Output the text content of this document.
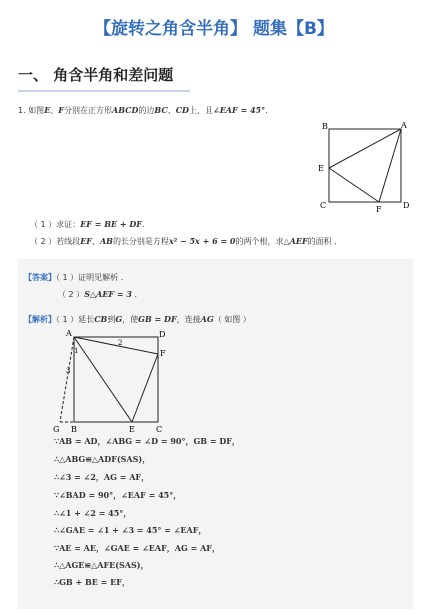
【旋转之角含半角】 题集【B】
一、 角含半角和差问题
1. 如图E、F分别在正方形ABCD的边BC、CD上，且∠EAF = 45°.
B	A
E
C	F	D
（ 1 ）求证：EF = BE + DF.
（ 2 ）若线段EF、AB的长分别是方程x² − 5x + 6 = 0的两个根，求△AEF的面积 .
【答案】（ 1 ）证明见解析 .
（ 2 ）S△AEF = 3 .
【解析】（ 1 ）延长CB到G，使GB = DF，连接AG（ 如图 ）
A	D
1
2
F
3
G B	E	C
∵AB = AD，∠ABG = ∠D = 90°，GB = DF，
∴△ABG≌△ADF(SAS)，
∴∠3 = ∠2，AG = AF，
∵∠BAD = 90°，∠EAF = 45°，
∴∠1 + ∠2 = 45°，
∴∠GAE = ∠1 + ∠3 = 45° = ∠EAF，
∵AE = AE，∠GAE = ∠EAF，AG = AF，
∴△AGE≌△AFE(SAS)，
∴GB + BE = EF，
